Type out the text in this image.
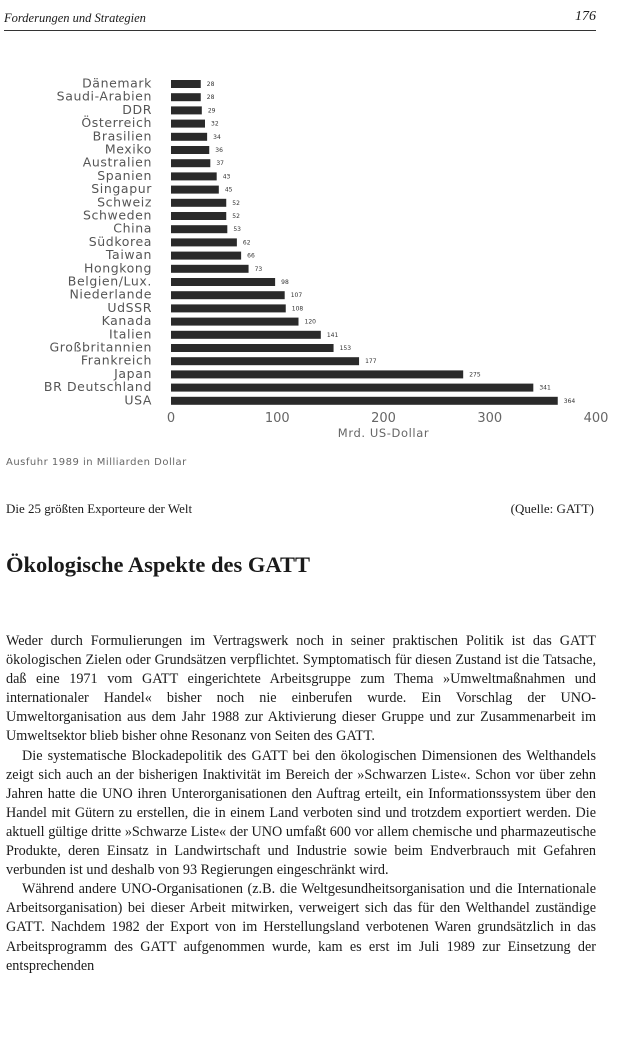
Forderungen und Strategien	176
Dänemark	28
Saudi-Arabien	28
DDR	29
Österreich	32
Brasilien	34
Mexiko	36
Australien	37
Spanien	43
Singapur	45
Schweiz	52
Schweden	52
China	53
Südkorea	62
Taiwan	66
Hongkong	73
Belgien/Lux.	98
Niederlande	107
UdSSR	108
Kanada	120
Italien	141
Großbritannien	153
Frankreich	177
Japan	275
BR Deutschland	341
USA	364
0	100	200	300	400
Mrd. US-Dollar
Ausfuhr 1989 in Milliarden Dollar
Die 25 größten Exporteure der Welt	(Quelle: GATT)
Ökologische Aspekte des GATT

Weder durch Formulierungen im Vertragswerk noch in seiner praktischen Politik ist das GATT ökologischen Zielen oder Grundsätzen verpflichtet. Symptomatisch für diesen Zustand ist die Tatsache, daß eine 1971 vom GATT eingerichtete Arbeitsgruppe zum Thema »Umweltmaßnahmen und internationaler Handel« bisher noch nie einberufen wurde. Ein Vorschlag der UNO-Umweltorganisation aus dem Jahr 1988 zur Aktivierung dieser Gruppe und zur Zusammenarbeit im Umweltsektor blieb bisher ohne Resonanz von Seiten des GATT.

Die systematische Blockadepolitik des GATT bei den ökologischen Dimensionen des Welthandels zeigt sich auch an der bisherigen Inaktivität im Bereich der »Schwarzen Liste«. Schon vor über zehn Jahren hatte die UNO ihren Unterorganisationen den Auftrag erteilt, ein Informationssystem über den Handel mit Gütern zu erstellen, die in einem Land verboten sind und trotzdem exportiert werden. Die aktuell gültige dritte »Schwarze Liste« der UNO umfaßt 600 vor allem chemische und pharmazeutische Produkte, deren Einsatz in Landwirtschaft und Industrie sowie beim Endverbrauch mit Gefahren verbunden ist und deshalb von 93 Regierungen eingeschränkt wird.

Während andere UNO-Organisationen (z.B. die Weltgesundheitsorganisation und die Internationale Arbeitsorganisation) bei dieser Arbeit mitwirken, verweigert sich das für den Welthandel zuständige GATT. Nachdem 1982 der Export von im Herstellungsland verbotenen Waren grundsätzlich in das Arbeitsprogramm des GATT aufgenommen wurde, kam es erst im Juli 1989 zur Einsetzung der entsprechenden
